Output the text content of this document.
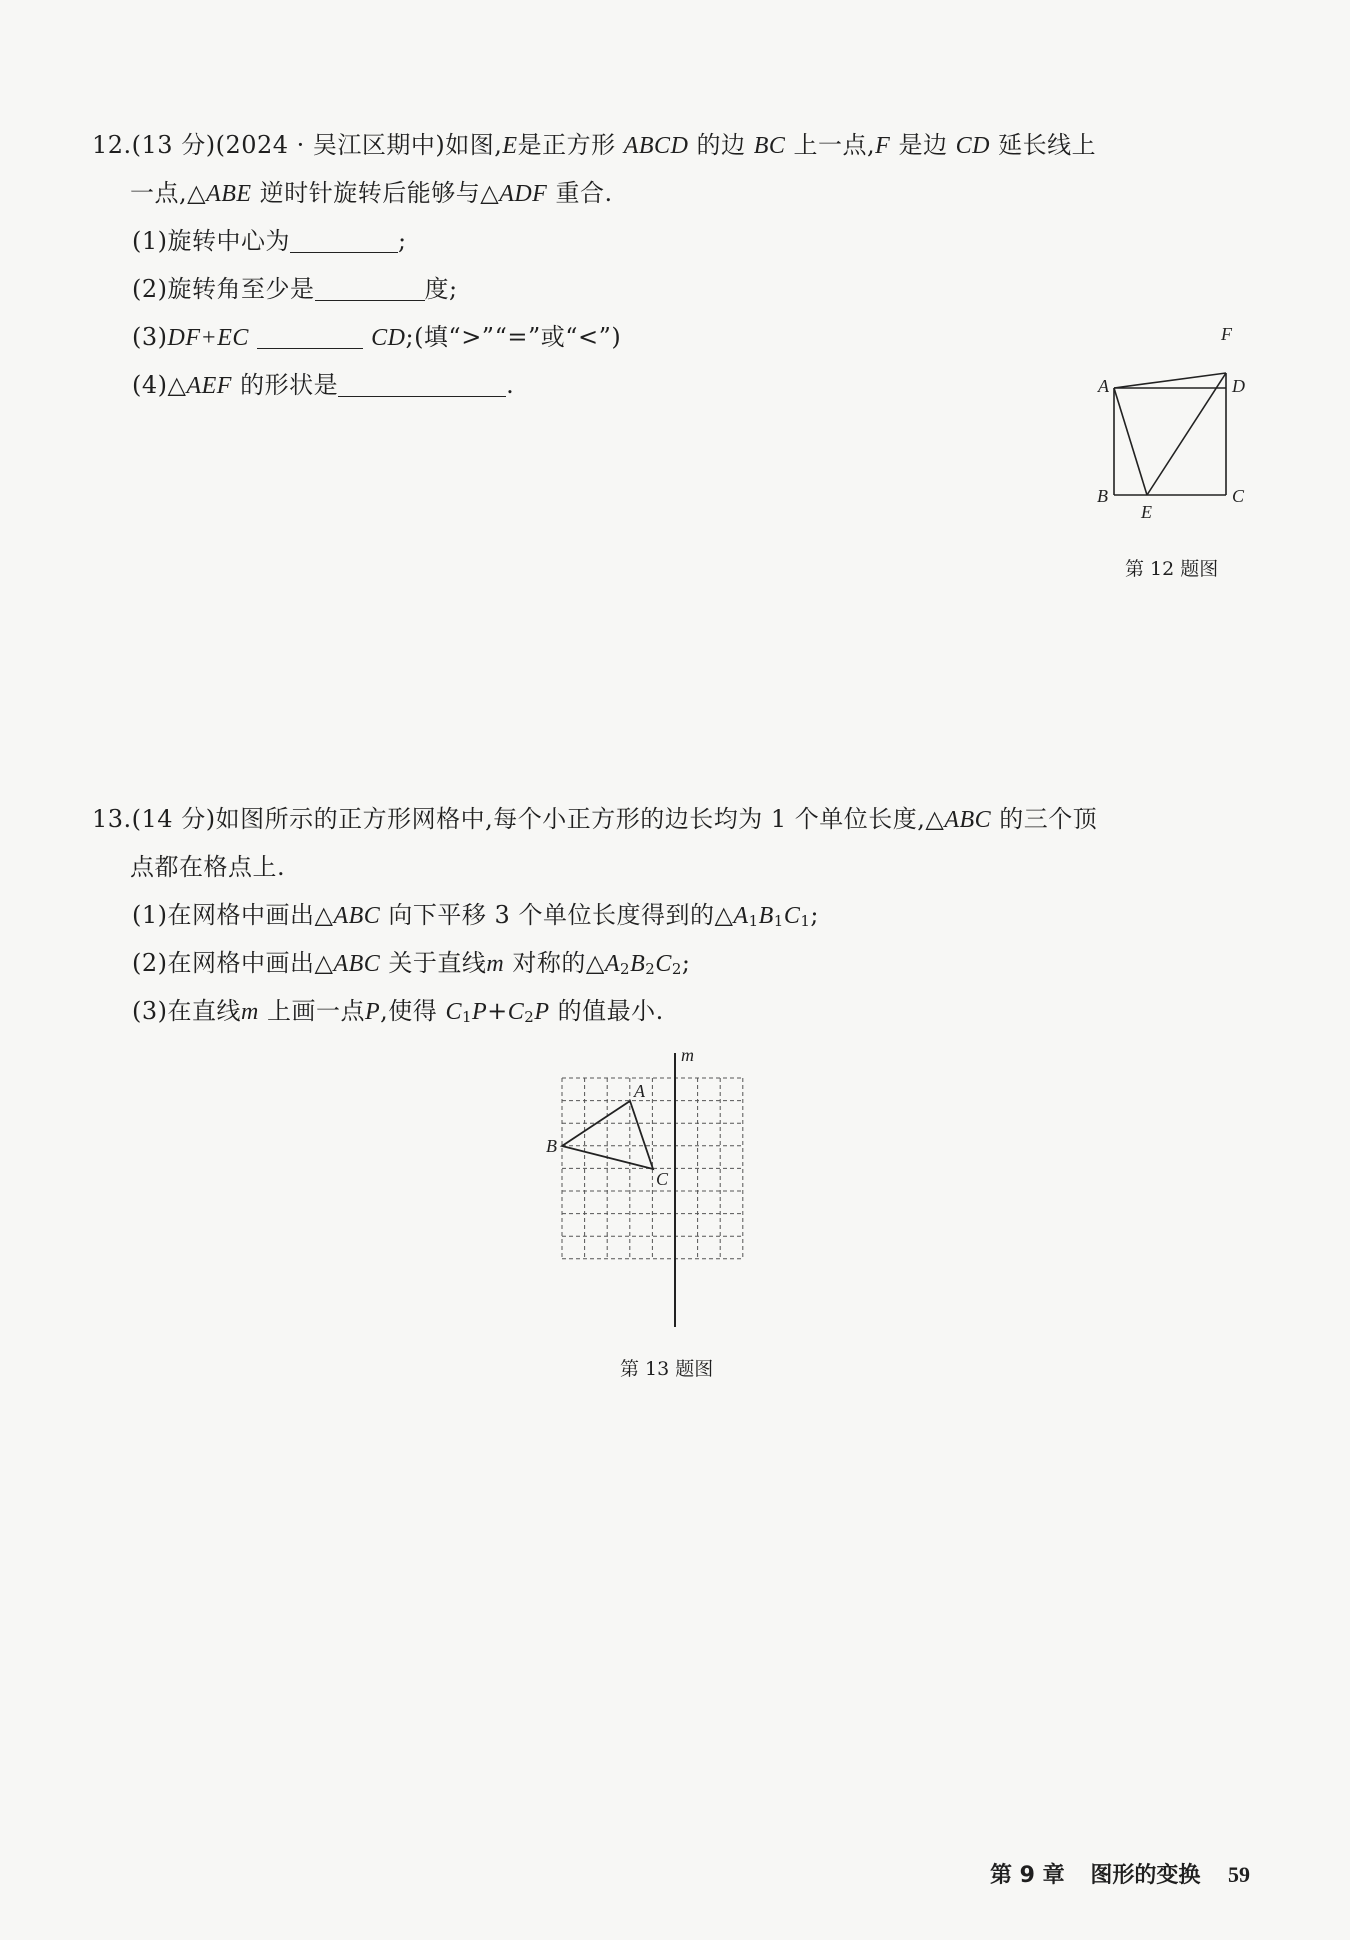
12.(13 分)(2024 · 吴江区期中)如图,E是正方形 ABCD 的边 BC 上一点,F 是边 CD 延长线上
一点,△ABE 逆时针旋转后能够与△ADF 重合.
(1)旋转中心为	;
(2)旋转角至少是	度;
(3)DF+EC	CD;(填“>”“=”或“<”)
(4)△AEF 的形状是	.	A
B	C
D
E
F
第 12 题图
13.(14 分)如图所示的正方形网格中,每个小正方形的边长均为 1 个单位长度,△ABC 的三个顶
点都在格点上.
(1)在网格中画出△ABC 向下平移 3 个单位长度得到的$\triangle A_1B_1C_1$;
(2)在网格中画出△ABC 关于直线m 对称的$\triangle A_2B_2C_2$;
(3)在直线m 上画一点P,使得 $C_1P+C_2P$ 的值最小.
m
A
B
C
第 13 题图
第 9 章 图形的变换 59
